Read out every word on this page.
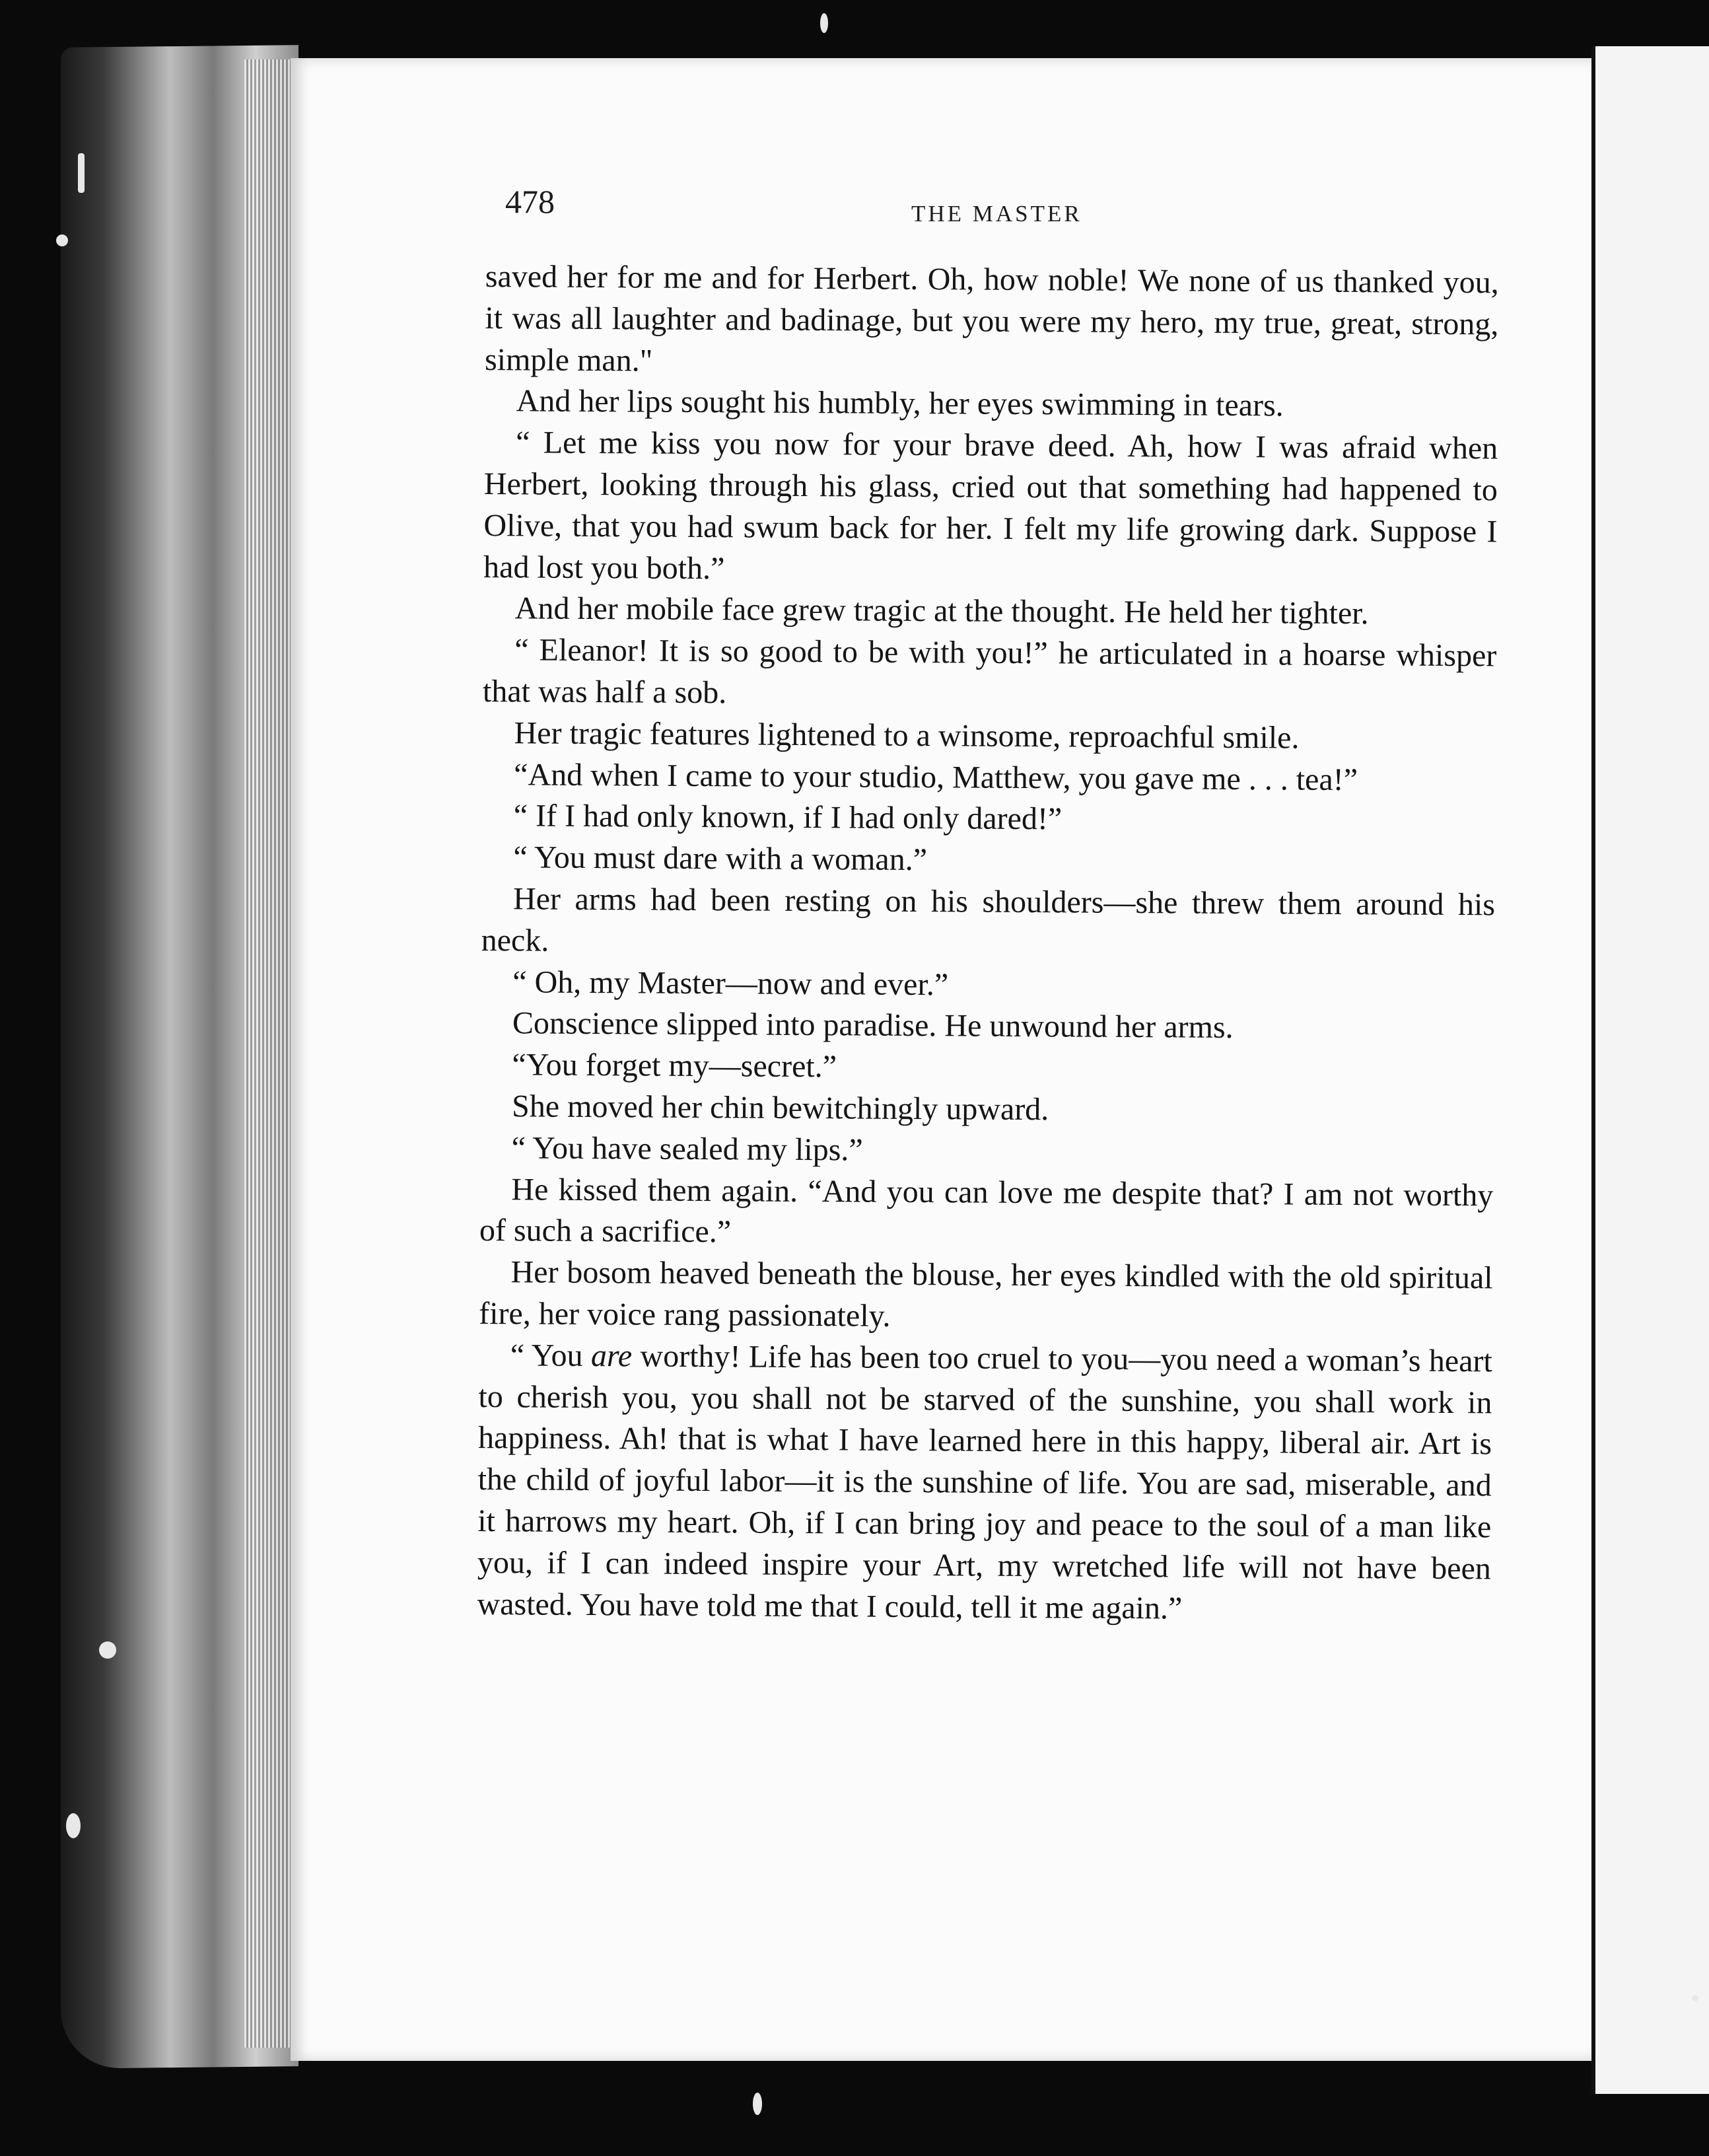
478	THE MASTER

saved her for me and for Herbert. Oh, how noble! We none of us thanked you, it was all laughter and badinage, but you were my hero, my true, great, strong, simple man."

And her lips sought his humbly, her eyes swimming in tears.

“ Let me kiss you now for your brave deed. Ah, how I was afraid when Herbert, looking through his glass, cried out that something had happened to Olive, that you had swum back for her. I felt my life growing dark. Suppose I had lost you both.”

And her mobile face grew tragic at the thought. He held her tighter.

“ Eleanor! It is so good to be with you!” he articulated in a hoarse whisper that was half a sob.

Her tragic features lightened to a winsome, reproachful smile.

“And when I came to your studio, Matthew, you gave me . . . tea!”

“ If I had only known, if I had only dared!”

“ You must dare with a woman.”

Her arms had been resting on his shoulders—she threw them around his neck.

“ Oh, my Master—now and ever.”

Conscience slipped into paradise. He unwound her arms.

“You forget my—secret.”

She moved her chin bewitchingly upward.

“ You have sealed my lips.”

He kissed them again. “And you can love me despite that? I am not worthy of such a sacrifice.”

Her bosom heaved beneath the blouse, her eyes kindled with the old spiritual fire, her voice rang passionately.

“ You are worthy! Life has been too cruel to you—you need a woman’s heart to cherish you, you shall not be starved of the sunshine, you shall work in happiness. Ah! that is what I have learned here in this happy, liberal air. Art is the child of joyful labor—it is the sunshine of life. You are sad, miserable, and it harrows my heart. Oh, if I can bring joy and peace to the soul of a man like you, if I can indeed inspire your Art, my wretched life will not have been wasted. You have told me that I could, tell it me again.”
